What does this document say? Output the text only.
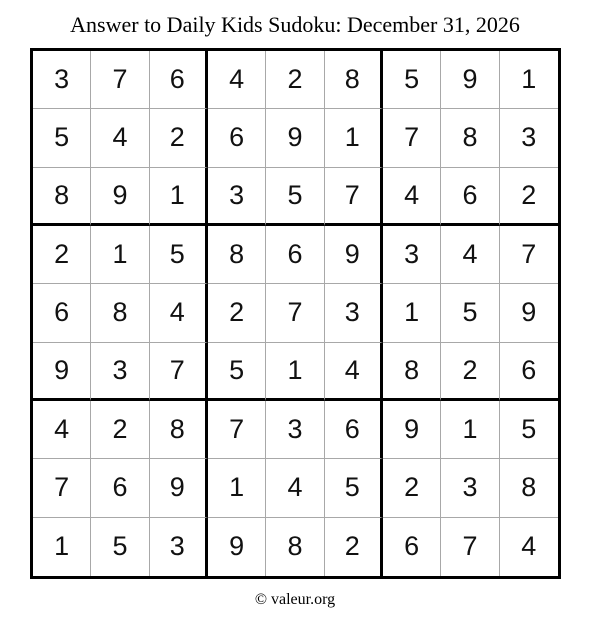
Answer to Daily Kids Sudoku: December 31, 2026
3	7	6	4	2	8	5	9	1
5	4	2	6	9	1	7	8	3
8	9	1	3	5	7	4	6	2
2	1	5	8	6	9	3	4	7
6	8	4	2	7	3	1	5	9
9	3	7	5	1	4	8	2	6
4	2	8	7	3	6	9	1	5
7	6	9	1	4	5	2	3	8
1	5	3	9	8	2	6	7	4
© valeur.org
